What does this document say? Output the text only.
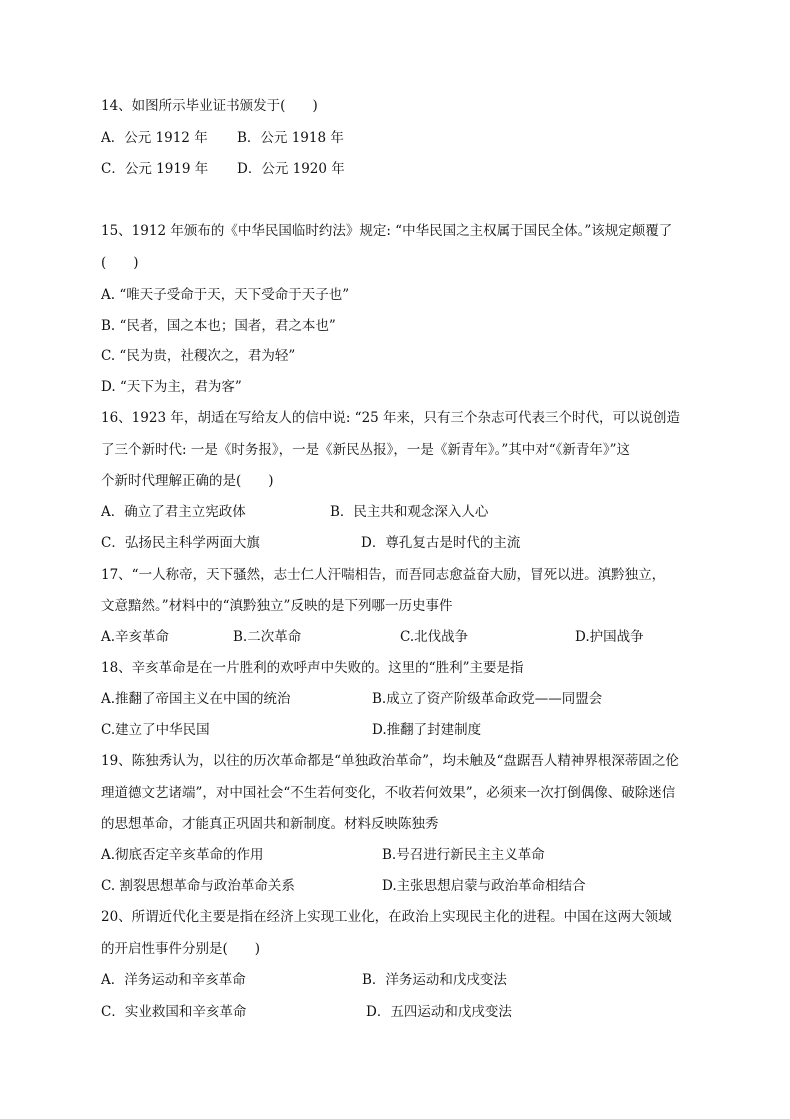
14、如图所示毕业证书颁发于(　　)
A．公元 1912 年 B．公元 1918 年
C．公元 1919 年 D．公元 1920 年
15、1912 年颁布的《中华民国临时约法》规定: “中华民国之主权属于国民全体。”该规定颠覆了
(　　)
A. “唯天子受命于天，天下受命于天子也”
B. “民者，国之本也；国者，君之本也”
C. “民为贵，社稷次之，君为轻”
D. “天下为主，君为客”
16、1923 年，胡适在写给友人的信中说: “25 年来，只有三个杂志可代表三个时代，可以说创造
了三个新时代: 一是《时务报》，一是《新民丛报》，一是《新青年》。”其中对“《新青年》”这
个新时代理解正确的是(　　)
A．确立了君主立宪政体	B．民主共和观念深入人心
C．弘扬民主科学两面大旗	D．尊孔复古是时代的主流
17、“一人称帝，天下骚然，志士仁人汗喘相告，而吾同志愈益奋大励，冒死以进。滇黔独立，
文意黯然。”材料中的“滇黔独立”反映的是下列哪一历史事件
A.辛亥革命	B.二次革命	C.北伐战争	D.护国战争
18、辛亥革命是在一片胜利的欢呼声中失败的。这里的“胜利”主要是指
A.推翻了帝国主义在中国的统治	B.成立了资产阶级革命政党——同盟会
C.建立了中华民国	D.推翻了封建制度
19、陈独秀认为，以往的历次革命都是“单独政治革命”，均未触及“盘踞吾人精神界根深蒂固之伦
理道德文艺诸端”，对中国社会“不生若何变化，不收若何效果”，必须来一次打倒偶像、破除迷信
的思想革命，才能真正巩固共和新制度。材料反映陈独秀
A.彻底否定辛亥革命的作用	B.号召进行新民主主义革命
C. 割裂思想革命与政治革命关系	D.主张思想启蒙与政治革命相结合
20、所谓近代化主要是指在经济上实现工业化，在政治上实现民主化的进程。中国在这两大领域
的开启性事件分别是(　　)
A．洋务运动和辛亥革命	B．洋务运动和戊戌变法
C．实业救国和辛亥革命	D．五四运动和戊戌变法
